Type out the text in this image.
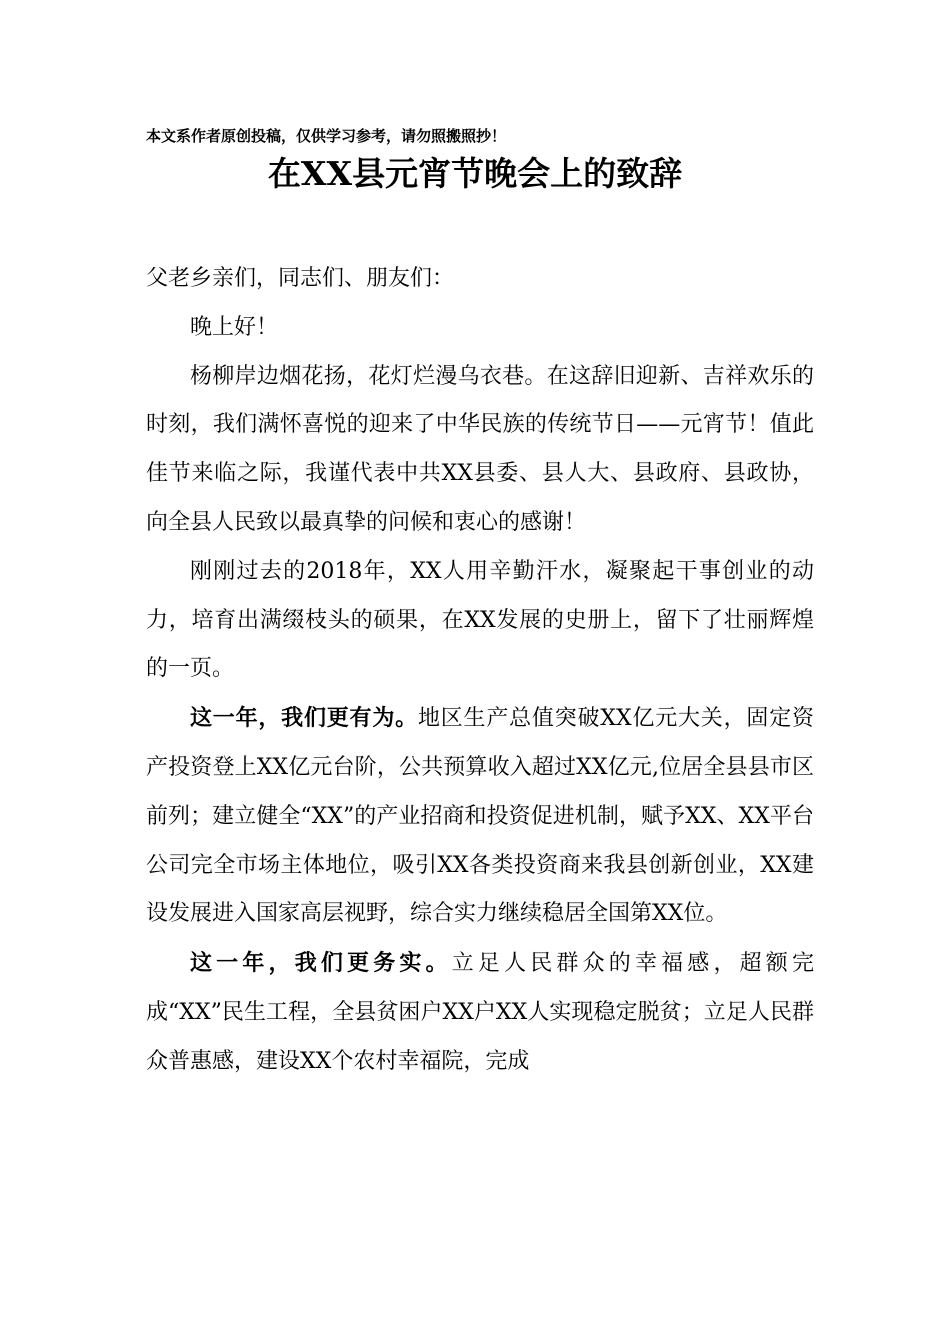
本文系作者原创投稿，仅供学习参考，请勿照搬照抄！
在XX县元宵节晚会上的致辞

父老乡亲们，同志们、朋友们：

晚上好！

杨柳岸边烟花扬，花灯烂漫乌衣巷。在这辞旧迎新、吉祥欢乐的时刻，我们满怀喜悦的迎来了中华民族的传统节日——元宵节！值此佳节来临之际，我谨代表中共XX县委、县人大、县政府、县政协，向全县人民致以最真挚的问候和衷心的感谢！

刚刚过去的2018年，XX人用辛勤汗水，凝聚起干事创业的动力，培育出满缀枝头的硕果，在XX发展的史册上，留下了壮丽辉煌的一页。

这一年，我们更有为。地区生产总值突破XX亿元大关，固定资产投资登上XX亿元台阶，公共预算收入超过XX亿元,位居全县县市区前列；建立健全“XX”的产业招商和投资促进机制，赋予XX、XX平台公司完全市场主体地位，吸引XX各类投资商来我县创新创业，XX建设发展进入国家高层视野，综合实力继续稳居全国第XX位。

这一年，我们更务实。立足人民群众的幸福感，超额完成“XX”民生工程，全县贫困户XX户XX人实现稳定脱贫；立足人民群众普惠感，建设XX个农村幸福院，完成
